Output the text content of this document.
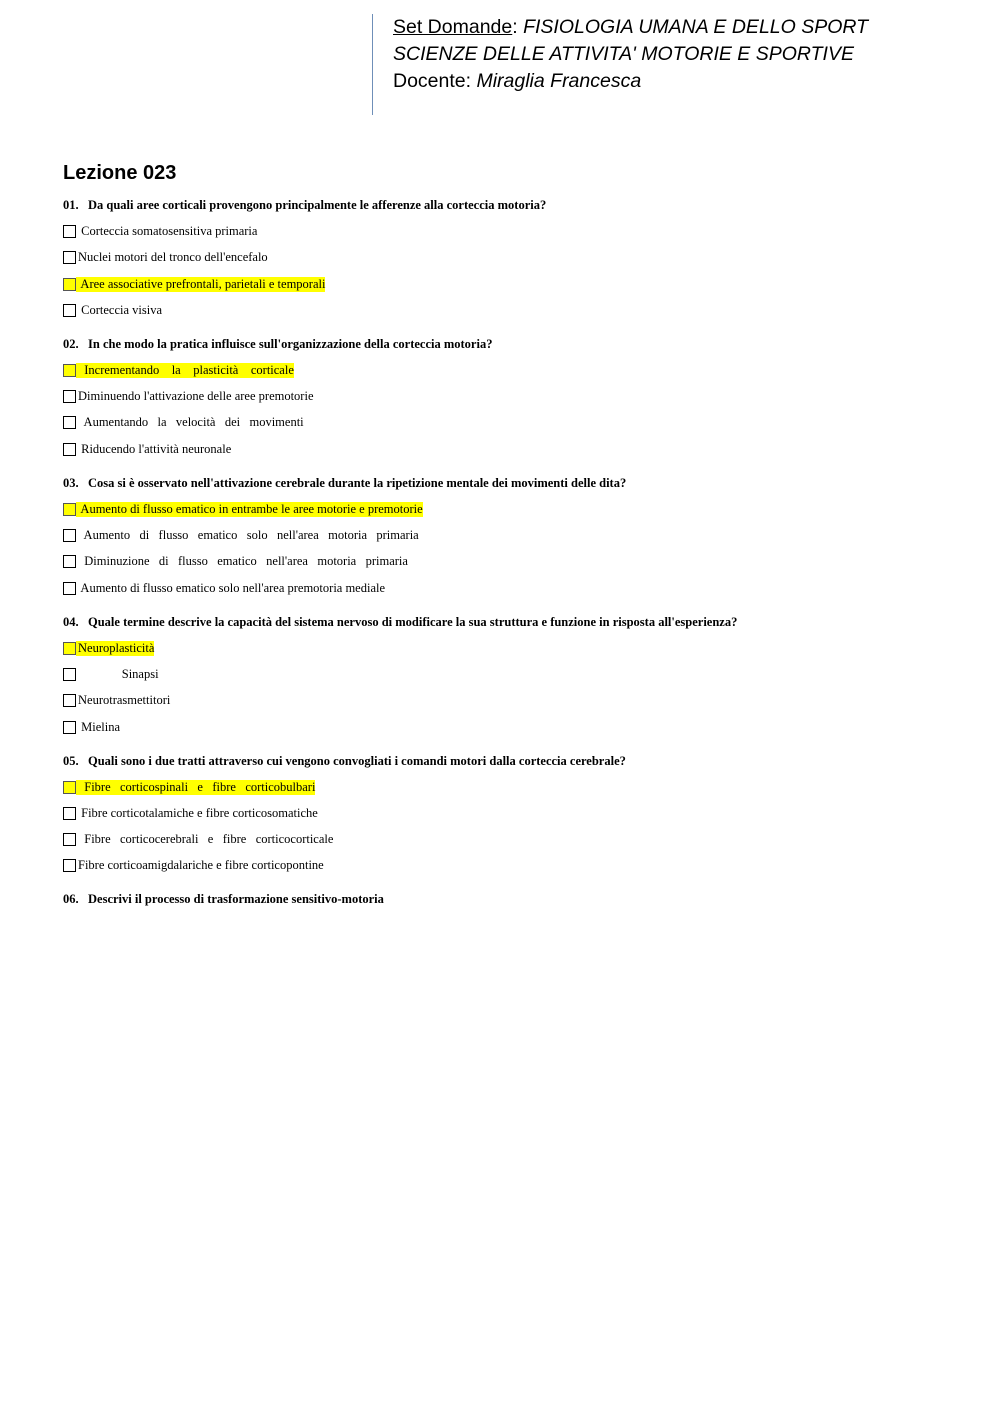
Set Domande: FISIOLOGIA UMANA E DELLO SPORT
SCIENZE DELLE ATTIVITA' MOTORIE E SPORTIVE
Docente: Miraglia Francesca
Lezione 023
01. Da quali aree corticali provengono principalmente le afferenze alla corteccia motoria?
Corteccia somatosensitiva primaria
Nuclei motori del tronco dell'encefalo
Aree associative prefrontali, parietali e temporali
Corteccia visiva
02. In che modo la pratica influisce sull'organizzazione della corteccia motoria?
Incrementando    la    plasticità    corticale
Diminuendo l'attivazione delle aree premotorie
Aumentando   la   velocità   dei   movimenti
Riducendo l'attività neuronale
03. Cosa si è osservato nell'attivazione cerebrale durante la ripetizione mentale dei movimenti delle dita?
Aumento di flusso ematico in entrambe le aree motorie e premotorie
Aumento   di   flusso   ematico   solo   nell'area   motoria   primaria
Diminuzione   di   flusso   ematico   nell'area   motoria   primaria
Aumento di flusso ematico solo nell'area premotoria mediale
04. Quale termine descrive la capacità del sistema nervoso di modificare la sua struttura e funzione in risposta all'esperienza?
Neuroplasticità
Sinapsi
Neurotrasmettitori
Mielina
05. Quali sono i due tratti attraverso cui vengono convogliati i comandi motori dalla corteccia cerebrale?
Fibre   corticospinali   e   fibre   corticobulbari
Fibre corticotalamiche e fibre corticosomatiche
Fibre   corticocerebrali   e   fibre   corticocorticale
Fibre corticoamigdalariche e fibre corticopontine
06. Descrivi il processo di trasformazione sensitivo-motoria
